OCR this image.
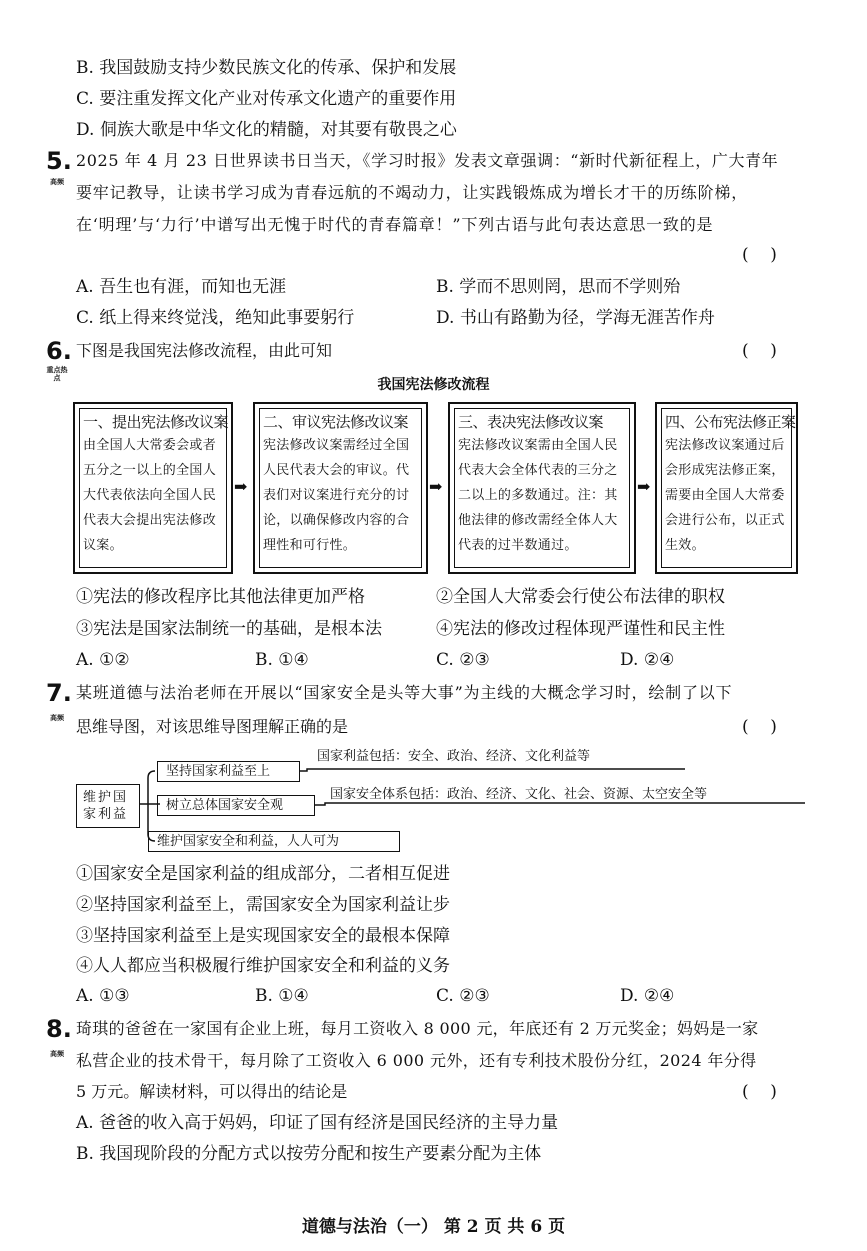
B. 我国鼓励支持少数民族文化的传承、保护和发展
C. 要注重发挥文化产业对传承文化遗产的重要作用
D. 侗族大歌是中华文化的精髓，对其要有敬畏之心
5.
高频
2025 年 4 月 23 日世界读书日当天，《学习时报》发表文章强调：“新时代新征程上，广大青年
要牢记教导，让读书学习成为青春远航的不竭动力，让实践锻炼成为增长才干的历练阶梯，
在‘明理’与‘力行’中谱写出无愧于时代的青春篇章！”下列古语与此句表达意思一致的是
(    )
A. 吾生也有涯，而知也无涯	B. 学而不思则罔，思而不学则殆
C. 纸上得来终觉浅，绝知此事要躬行	D. 书山有路勤为径，学海无涯苦作舟
6.
重点热点
下图是我国宪法修改流程，由此可知	(    )
我国宪法修改流程
一、提出宪法修改议案
由全国人大常委会或者五分之一以上的全国人大代表依法向全国人民代表大会提出宪法修改议案。
➡
二、审议宪法修改议案
宪法修改议案需经过全国人民代表大会的审议。代表们对议案进行充分的讨论，以确保修改内容的合理性和可行性。
➡
三、表决宪法修改议案
宪法修改议案需由全国人民代表大会全体代表的三分之二以上的多数通过。注：其他法律的修改需经全体人大代表的过半数通过。
➡
四、公布宪法修正案
宪法修改议案通过后会形成宪法修正案，需要由全国人大常委会进行公布，以正式生效。
①宪法的修改程序比其他法律更加严格	②全国人大常委会行使公布法律的职权
③宪法是国家法制统一的基础，是根本法	④宪法的修改过程体现严谨性和民主性
A. ①②	B. ①④	C. ②③	D. ②④
7.
高频
某班道德与法治老师在开展以“国家安全是头等大事”为主线的大概念学习时，绘制了以下
思维导图，对该思维导图理解正确的是	(    )
维护国家利益
坚持国家利益至上
国家利益包括：安全、政治、经济、文化利益等
树立总体国家安全观
国家安全体系包括：政治、经济、文化、社会、资源、太空安全等
维护国家安全和利益，人人可为
①国家安全是国家利益的组成部分，二者相互促进
②坚持国家利益至上，需国家安全为国家利益让步
③坚持国家利益至上是实现国家安全的最根本保障
④人人都应当积极履行维护国家安全和利益的义务
A. ①③	B. ①④	C. ②③	D. ②④
8.
高频
琦琪的爸爸在一家国有企业上班，每月工资收入 8 000 元，年底还有 2 万元奖金；妈妈是一家
私营企业的技术骨干，每月除了工资收入 6 000 元外，还有专利技术股份分红，2024 年分得
5 万元。解读材料，可以得出的结论是	(    )
A. 爸爸的收入高于妈妈，印证了国有经济是国民经济的主导力量
B. 我国现阶段的分配方式以按劳分配和按生产要素分配为主体
道德与法治（一） 第 2 页 共 6 页
